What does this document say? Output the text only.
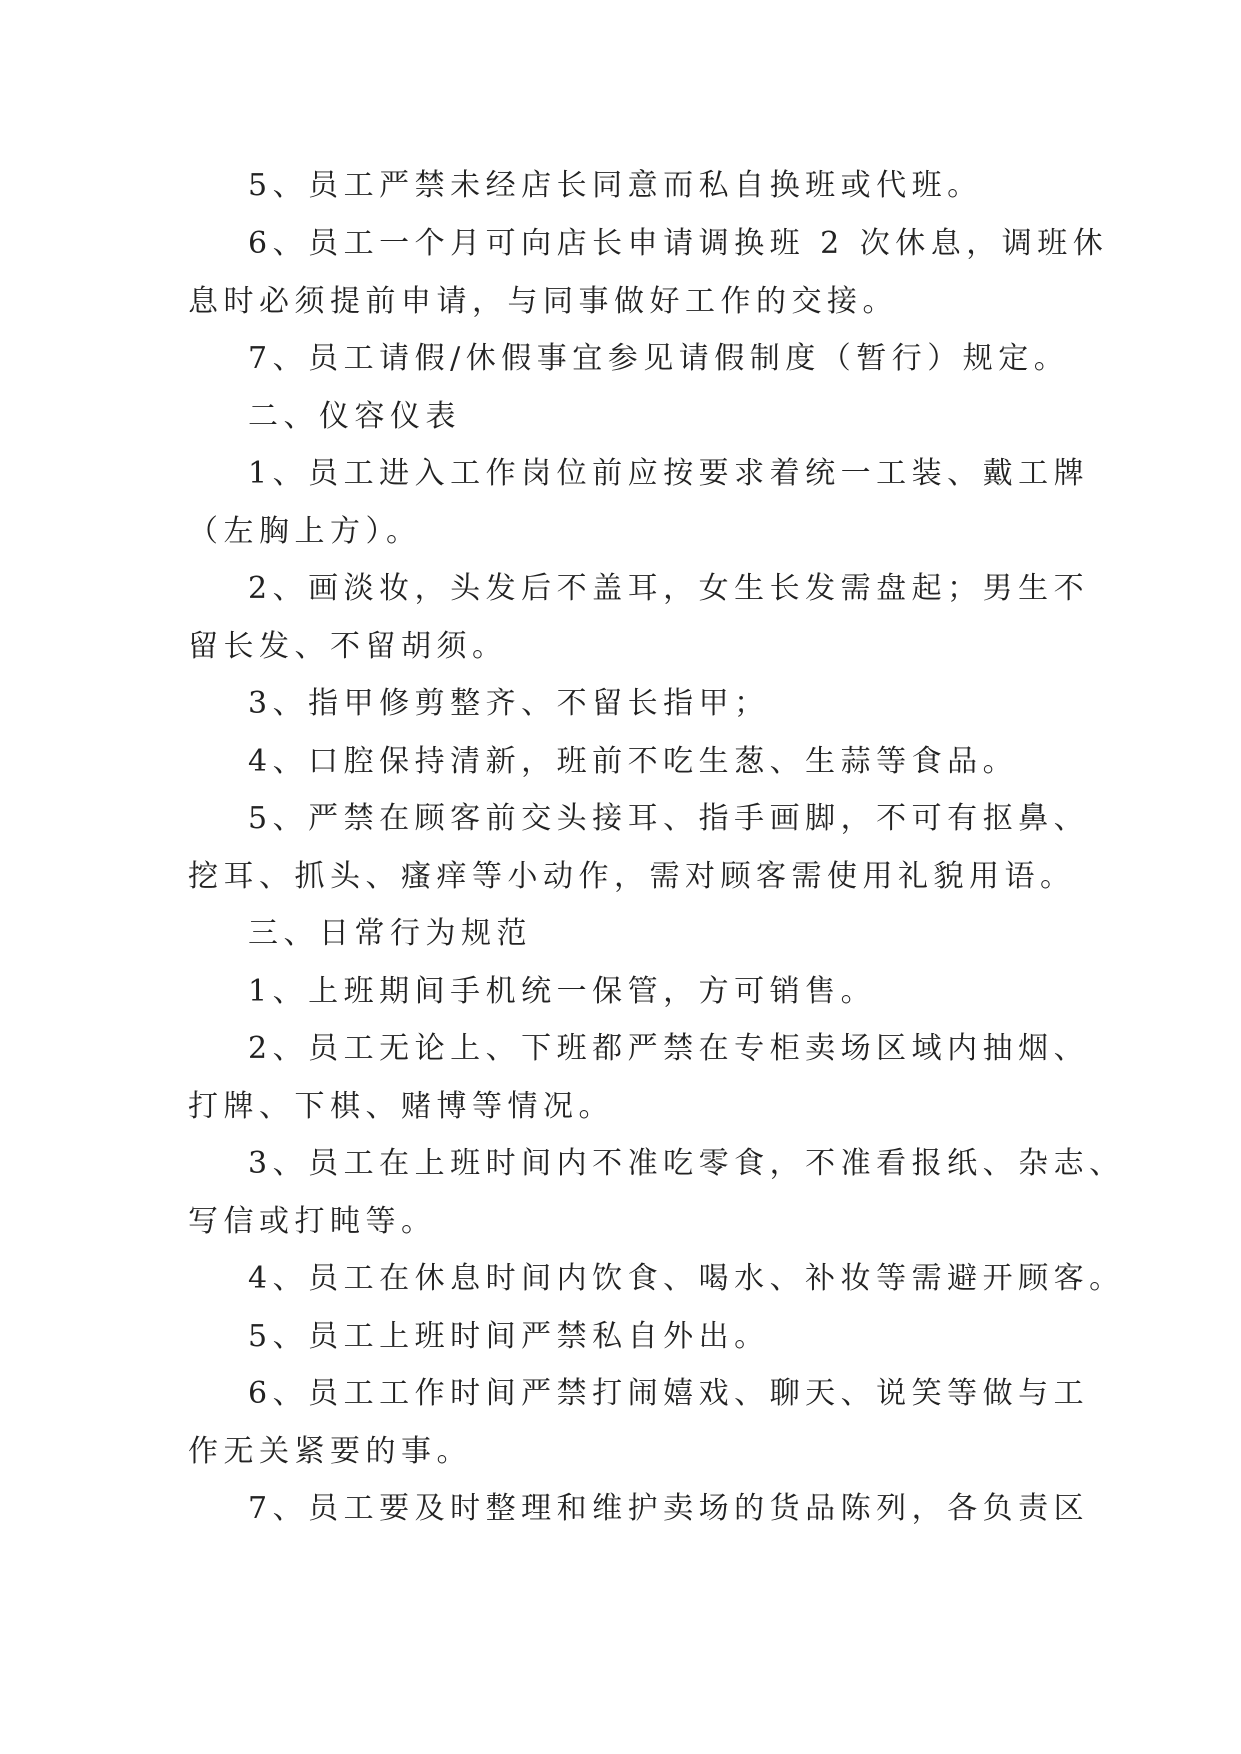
5、员工严禁未经店长同意而私自换班或代班。

6、员工一个月可向店长申请调换班 2 次休息，调班休

息时必须提前申请，与同事做好工作的交接。

7、员工请假/休假事宜参见请假制度（暂行）规定。

二、仪容仪表

1、员工进入工作岗位前应按要求着统一工装、戴工牌

（左胸上方）。

2、画淡妆，头发后不盖耳，女生长发需盘起；男生不

留长发、不留胡须。

3、指甲修剪整齐、不留长指甲；

4、口腔保持清新，班前不吃生葱、生蒜等食品。

5、严禁在顾客前交头接耳、指手画脚，不可有抠鼻、

挖耳、抓头、瘙痒等小动作，需对顾客需使用礼貌用语。

三、日常行为规范

1、上班期间手机统一保管，方可销售。

2、员工无论上、下班都严禁在专柜卖场区域内抽烟、

打牌、下棋、赌博等情况。

3、员工在上班时间内不准吃零食，不准看报纸、杂志、

写信或打盹等。

4、员工在休息时间内饮食、喝水、补妆等需避开顾客。

5、员工上班时间严禁私自外出。

6、员工工作时间严禁打闹嬉戏、聊天、说笑等做与工

作无关紧要的事。

7、员工要及时整理和维护卖场的货品陈列，各负责区
